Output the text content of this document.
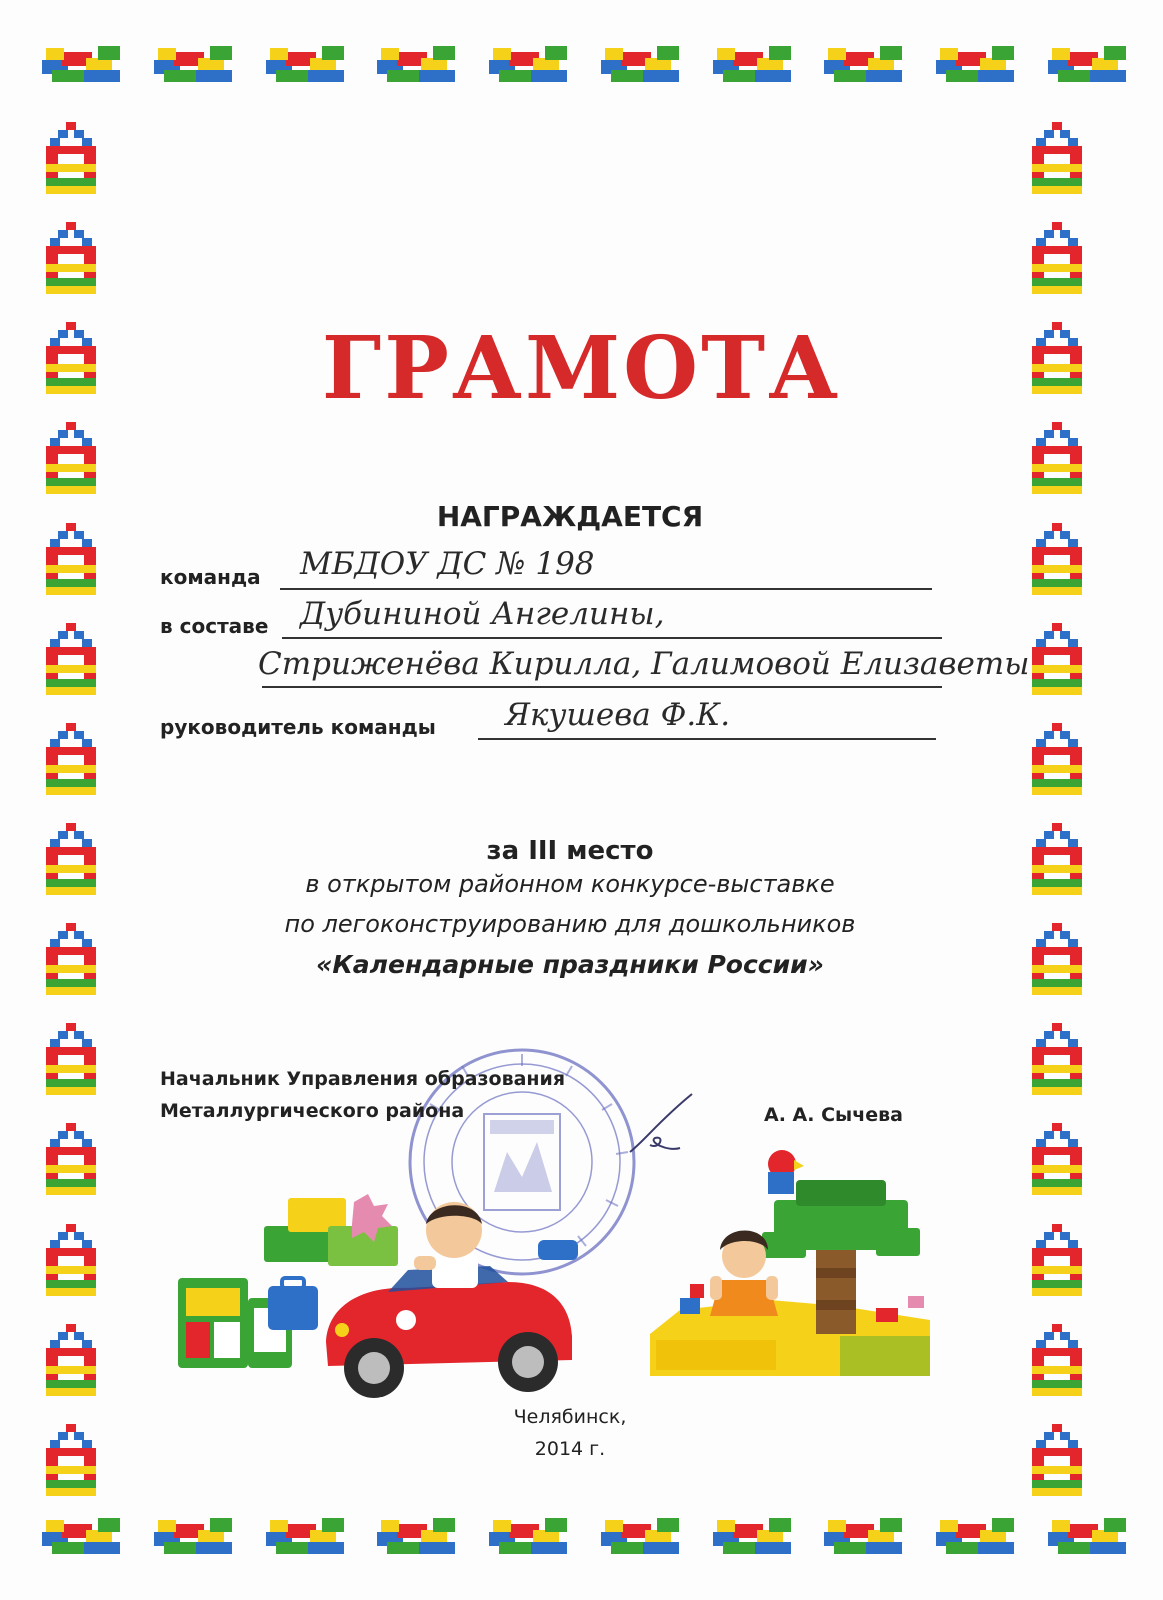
ГРАМОТА
НАГРАЖДАЕТСЯ
команда МБДОУ ДС № 198
в составе Дубининой Ангелины,
Стриженёва Кирилла, Галимовой Елизаветы
руководитель команды Якушева Ф.К.
за III место
в открытом районном конкурсе-выставке
по легоконструированию для дошкольников
«Календарные праздники России»
Начальник Управления образования
Металлургического района	А. А. Сычева
Челябинск,
2014 г.
